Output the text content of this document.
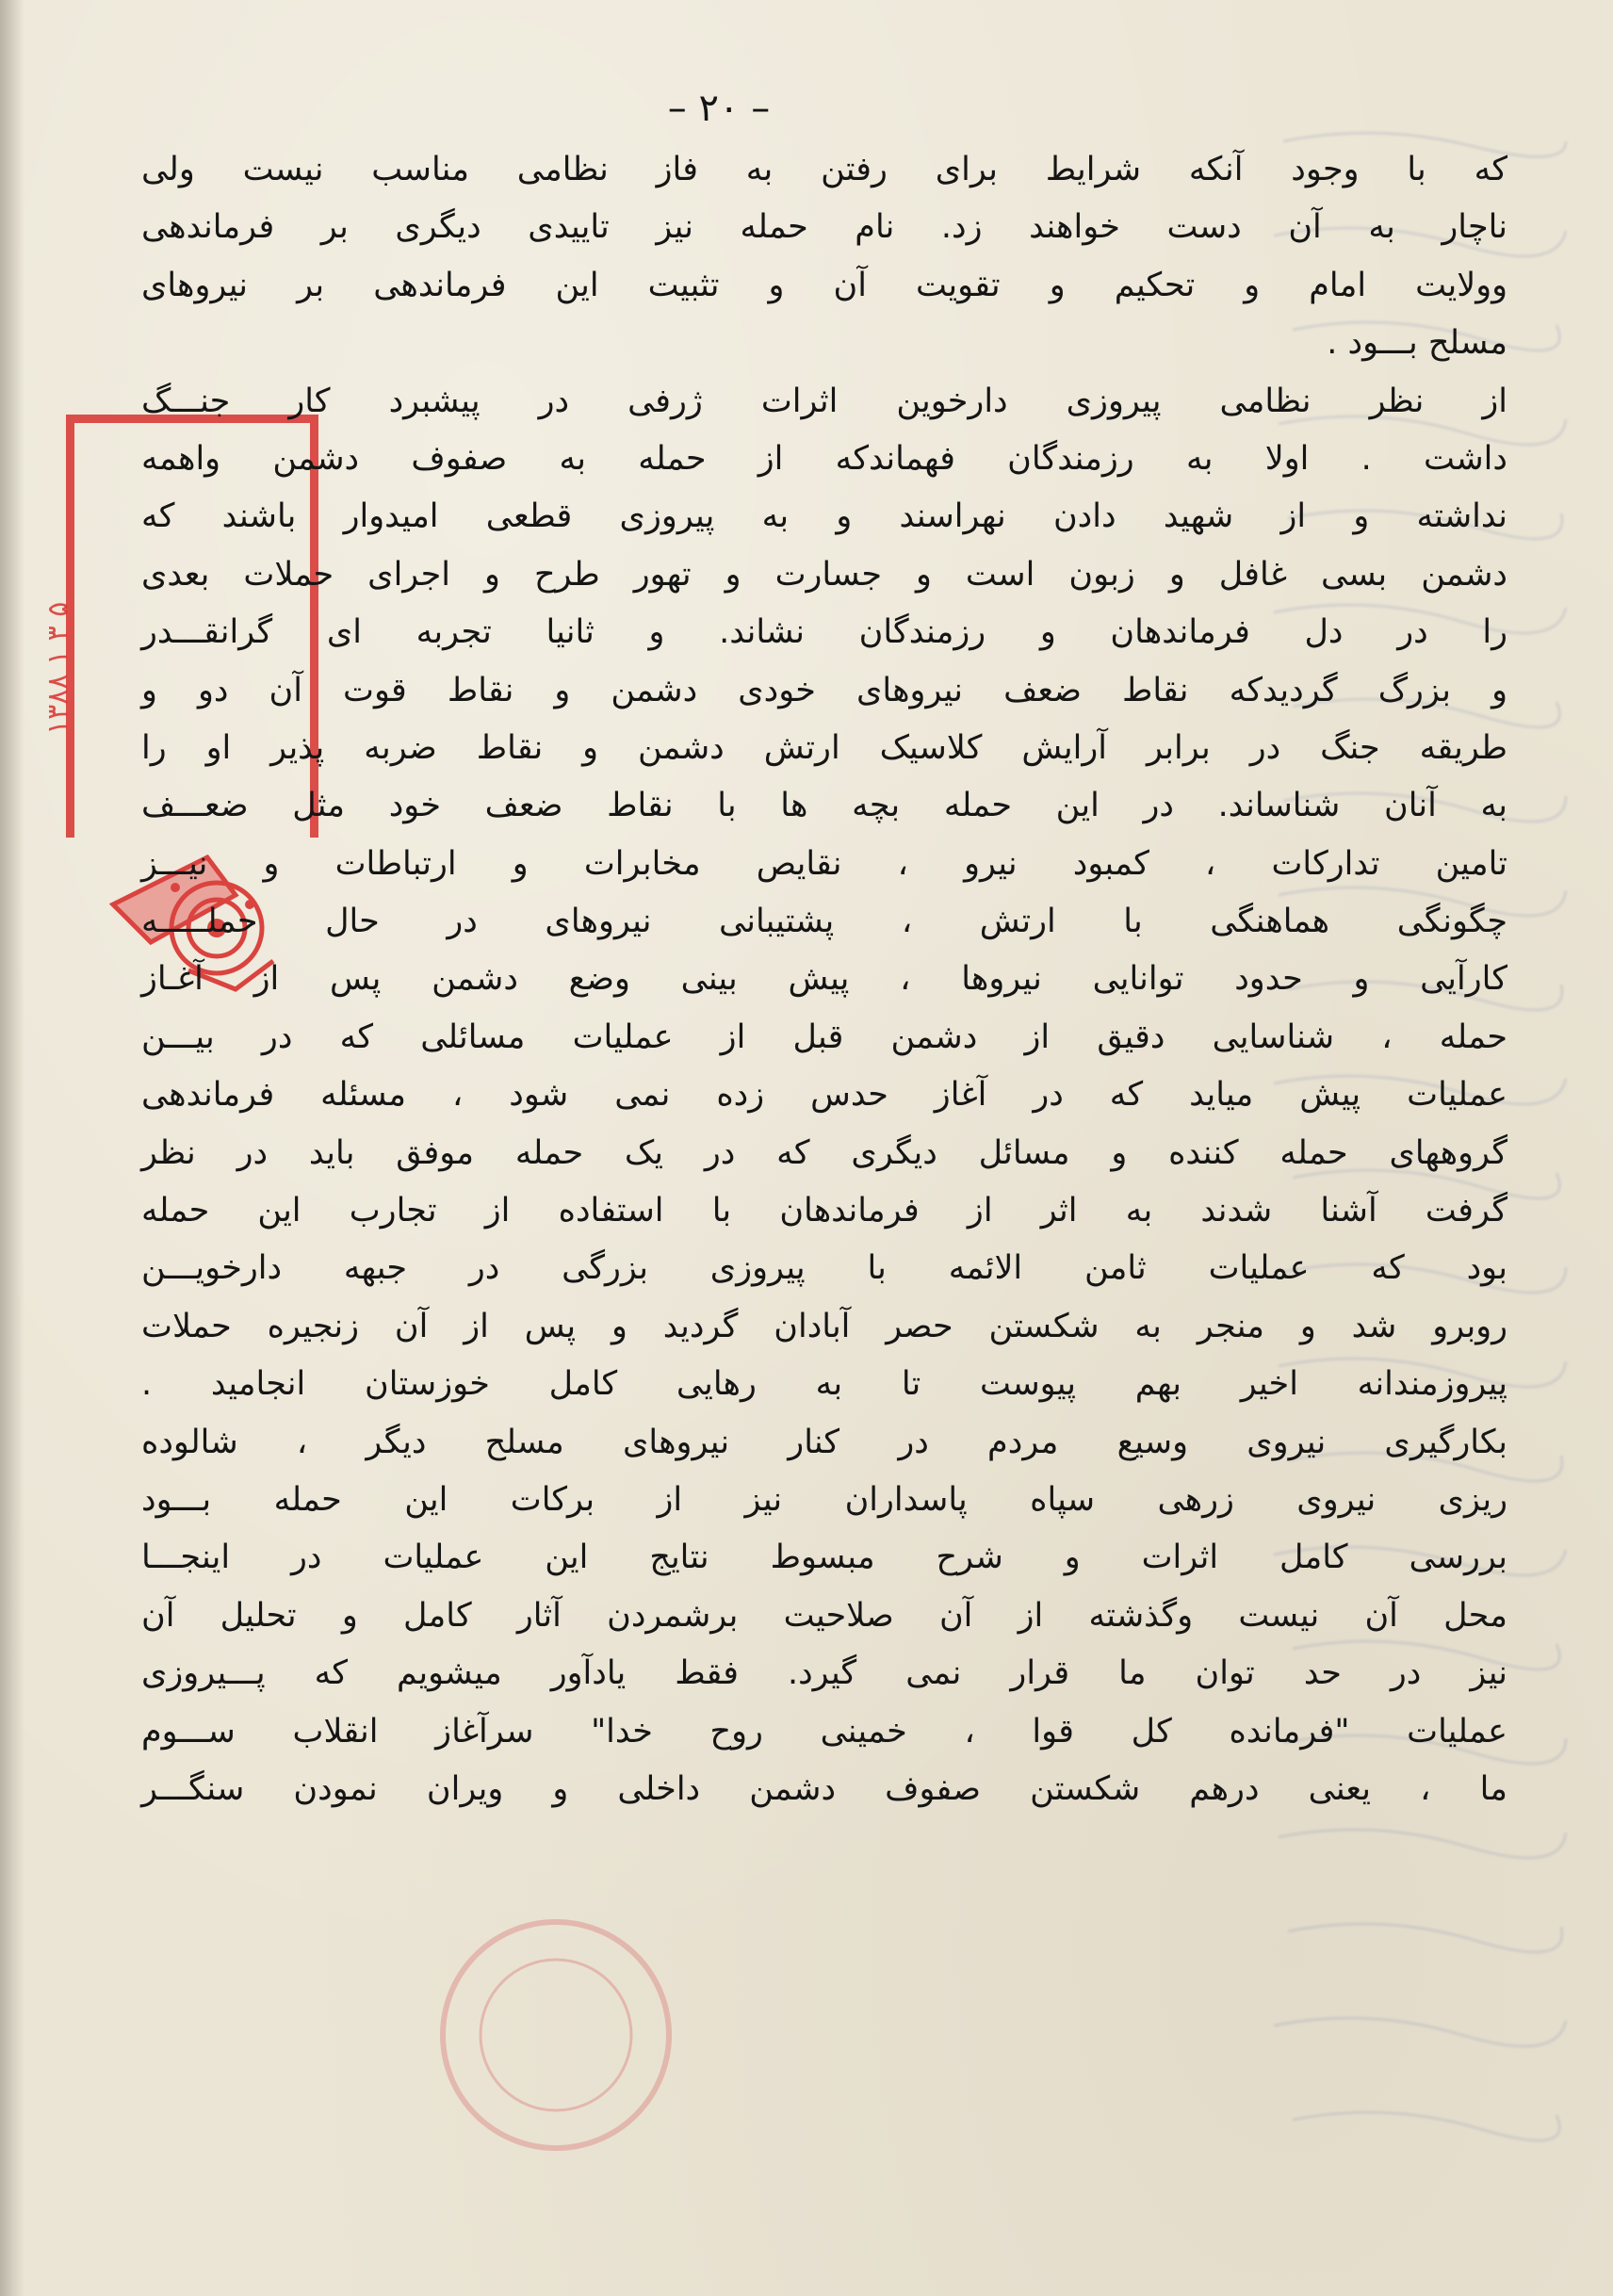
۱۳۸۸ ۱ ۳ ۵
– ۲۰ –
که با وجود آنکه شرایط برای رفتن به فاز نظامی مناسب نیست ولی
ناچار به آن دست خواهند زد. نام حمله نیز تاییدی دیگری بر فرماندهی
وولایت امام و تحکیم و تقویت آن و تثبیت این فرماندهی بر نیروهای
مسلح بـــود .
از نظر نظامی پیروزی دارخوین اثرات ژرفی در پیشبرد کار جنـــگ
داشت . اولا به رزمندگان فهماندکه از حمله به صفوف دشمن واهمه
نداشته و از شهید دادن نهراسند و به پیروزی قطعی امیدوار باشند که
دشمن بسی غافل و زبون است و جسارت و تهور طرح و اجرای حملات بعدی
را در دل فرماندهان و رزمندگان نشاند. و ثانیا تجربه ای گرانقـــدر
و بزرگ گردیدکه نقاط ضعف نیروهای خودی دشمن و نقاط قوت آن دو و
طریقه جنگ در برابر آرایش کلاسیک ارتش دشمن و نقاط ضربه پذیر او را
به آنان شناساند. در این حمله بچه ها با نقاط ضعف خود مثل ضعـــف
تامین تدارکات ، کمبود نیرو ، نقایص مخابرات و ارتباطات و نیـــز
چگونگی هماهنگی با ارتش ، پشتیبانی نیروهای در حال حملـــــه
کارآیی و حدود توانایی نیروها ، پیش بینی وضع دشمن پس از آغـاز
حمله ، شناسایی دقیق از دشمن قبل از عملیات مسائلی که در بیـــن
عملیات پیش میاید که در آغاز حدس زده نمی شود ، مسئله فرماندهی
گروههای حمله کننده و مسائل دیگری که در یک حمله موفق باید در نظر
گرفت آشنا شدند به اثر از فرماندهان با استفاده از تجارب این حمله
بود که عملیات ثامن الائمه با پیروزی بزرگی در جبهه دارخویـــن
روبرو شد و منجر به شکستن حصر آبادان گردید و پس از آن زنجیره حملات
پیروزمندانه اخیر بهم پیوست تا به رهایی کامل خوزستان انجامید .
بکارگیری نیروی وسیع مردم در کنار نیروهای مسلح دیگر ، شالوده
ریزی نیروی زرهی سپاه پاسداران نیز از برکات این حمله بـــود
بررسی کامل اثرات و شرح مبسوط نتایج این عملیات در اینجـــا
محل آن نیست وگذشته از آن صلاحیت برشمردن آثار کامل و تحلیل آن
نیز در حد توان ما قرار نمی گیرد. فقط یادآور میشویم که پـــیروزی
عملیات "فرمانده کل قوا ، خمینی روح خدا" سرآغاز انقلاب ســـوم
ما ، یعنی درهم شکستن صفوف دشمن داخلی و ویران نمودن سنگـــر
